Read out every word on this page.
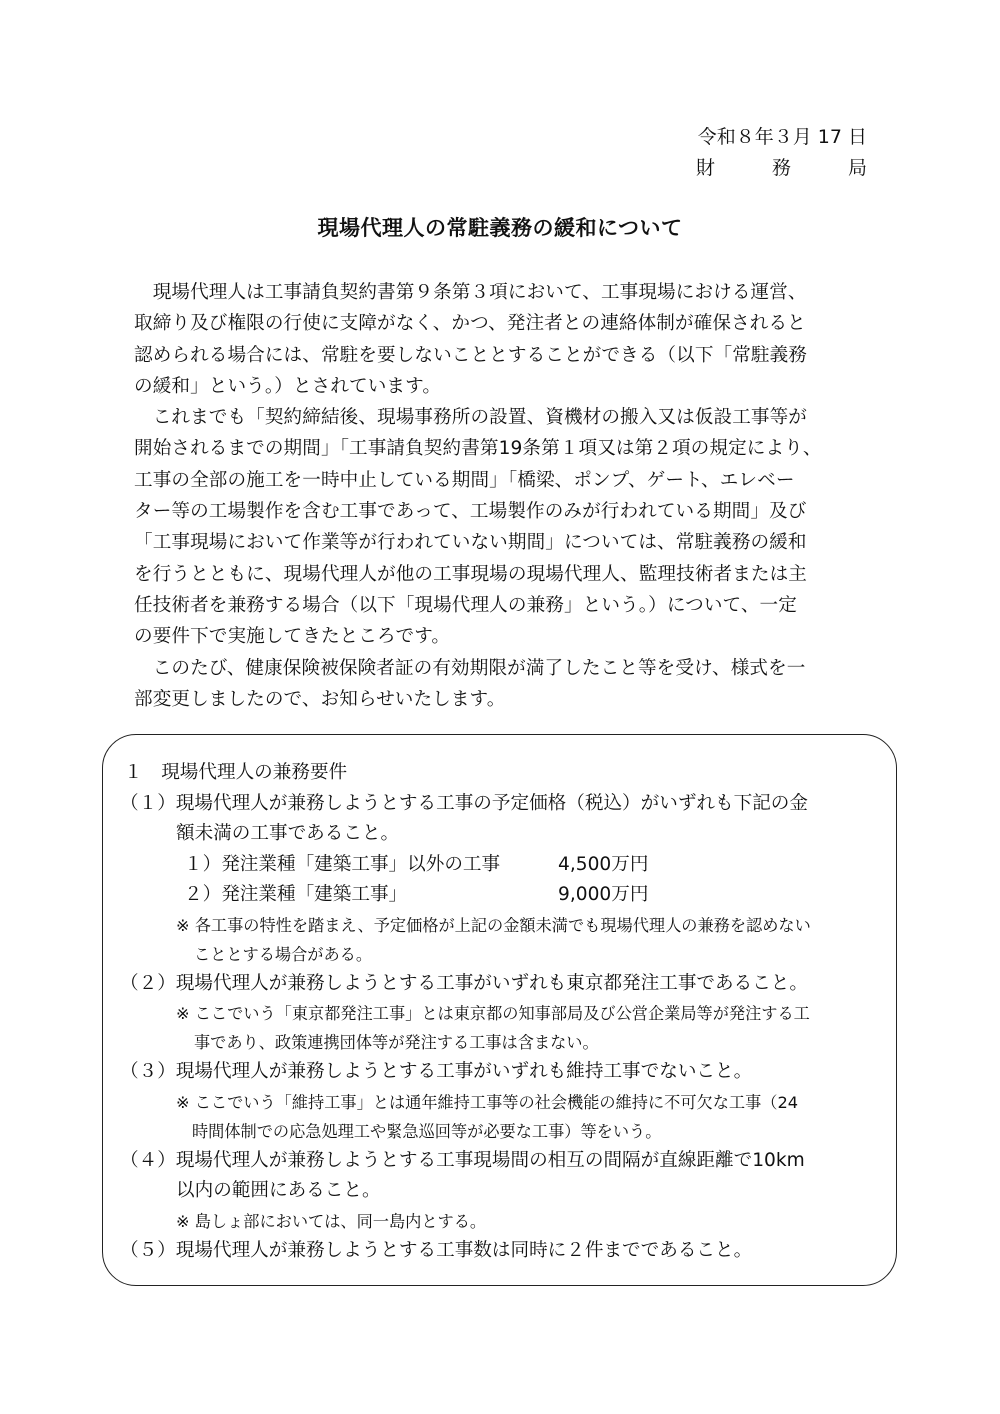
令和８年３月 17 日
財　　　務　　　局
現場代理人の常駐義務の緩和について
　現場代理人は工事請負契約書第９条第３項において、工事現場における運営、
取締り及び権限の行使に支障がなく、かつ、発注者との連絡体制が確保されると
認められる場合には、常駐を要しないこととすることができる（以下「常駐義務
の緩和」という。）とされています。
　これまでも「契約締結後、現場事務所の設置、資機材の搬入又は仮設工事等が
開始されるまでの期間」「工事請負契約書第19条第１項又は第２項の規定により、
工事の全部の施工を一時中止している期間」「橋梁、ポンプ、ゲート、エレベー
ター等の工場製作を含む工事であって、工場製作のみが行われている期間」及び
「工事現場において作業等が行われていない期間」については、常駐義務の緩和
を行うとともに、現場代理人が他の工事現場の現場代理人、監理技術者または主
任技術者を兼務する場合（以下「現場代理人の兼務」という。）について、一定
の要件下で実施してきたところです。
　このたび、健康保険被保険者証の有効期限が満了したこと等を受け、様式を一
部変更しましたので、お知らせいたします。
１　現場代理人の兼務要件
（１）現場代理人が兼務しようとする工事の予定価格（税込）がいずれも下記の金
額未満の工事であること。
１）発注業種「建築工事」以外の工事	4,500万円
２）発注業種「建築工事」	9,000万円
※ 各工事の特性を踏まえ、予定価格が上記の金額未満でも現場代理人の兼務を認めない
こととする場合がある。
（２）現場代理人が兼務しようとする工事がいずれも東京都発注工事であること。
※ ここでいう「東京都発注工事」とは東京都の知事部局及び公営企業局等が発注する工
事であり、政策連携団体等が発注する工事は含まない。
（３）現場代理人が兼務しようとする工事がいずれも維持工事でないこと。
※ ここでいう「維持工事」とは通年維持工事等の社会機能の維持に不可欠な工事（24
時間体制での応急処理工や緊急巡回等が必要な工事）等をいう。
（４）現場代理人が兼務しようとする工事現場間の相互の間隔が直線距離で10km
以内の範囲にあること。
※ 島しょ部においては、同一島内とする。
（５）現場代理人が兼務しようとする工事数は同時に２件までであること。
